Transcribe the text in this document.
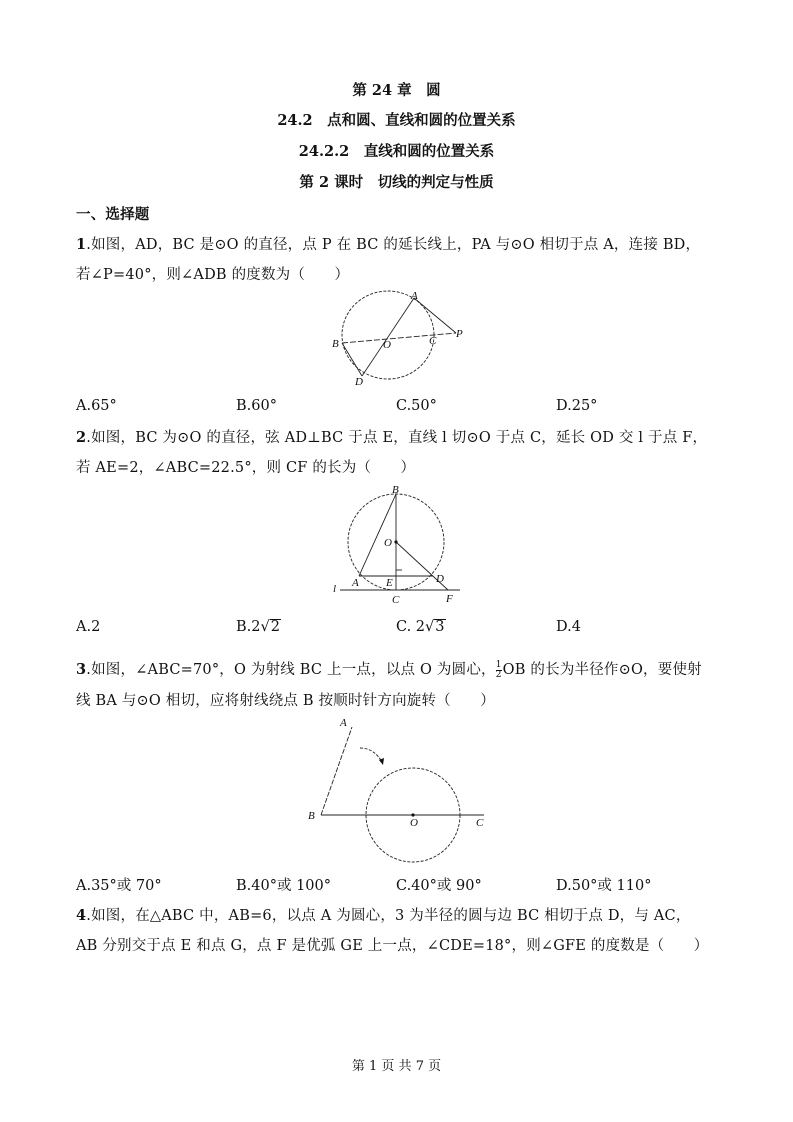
第 24 章　圆
24.2　点和圆、直线和圆的位置关系
24.2.2　直线和圆的位置关系
第 2 课时　切线的判定与性质
一、选择题
1.如图，AD，BC 是⊙O 的直径，点 P 在 BC 的延长线上，PA 与⊙O 相切于点 A，连接 BD，
若∠P=40°，则∠ADB 的度数为（　　）
A
P
B	O	C
D
A.65°	B.60°	C.50°	D.25°
2.如图，BC 为⊙O 的直径，弦 AD⊥BC 于点 E，直线 l 切⊙O 于点 C，延长 OD 交 l 于点 F，
若 AE=2，∠ABC=22.5°，则 CF 的长为（　　）
B
O
A E	D
l
C	F
A.2	B.2√2	C. 2√3	D.4
3.如图，∠ABC=70°，O 为射线 BC 上一点，以点 O 为圆心， $\frac{1}{2}$ OB 的长为半径作⊙O，要使射
线 BA 与⊙O 相切，应将射线绕点 B 按顺时针方向旋转（　　）
A
B
O	C
A.35°或 70°	B.40°或 100°	C.40°或 90°	D.50°或 110°
4.如图，在△ABC 中，AB=6，以点 A 为圆心，3 为半径的圆与边 BC 相切于点 D，与 AC，
AB 分别交于点 E 和点 G，点 F 是优弧 GE 上一点，∠CDE=18°，则∠GFE 的度数是（　　）
第 1 页 共 7 页
